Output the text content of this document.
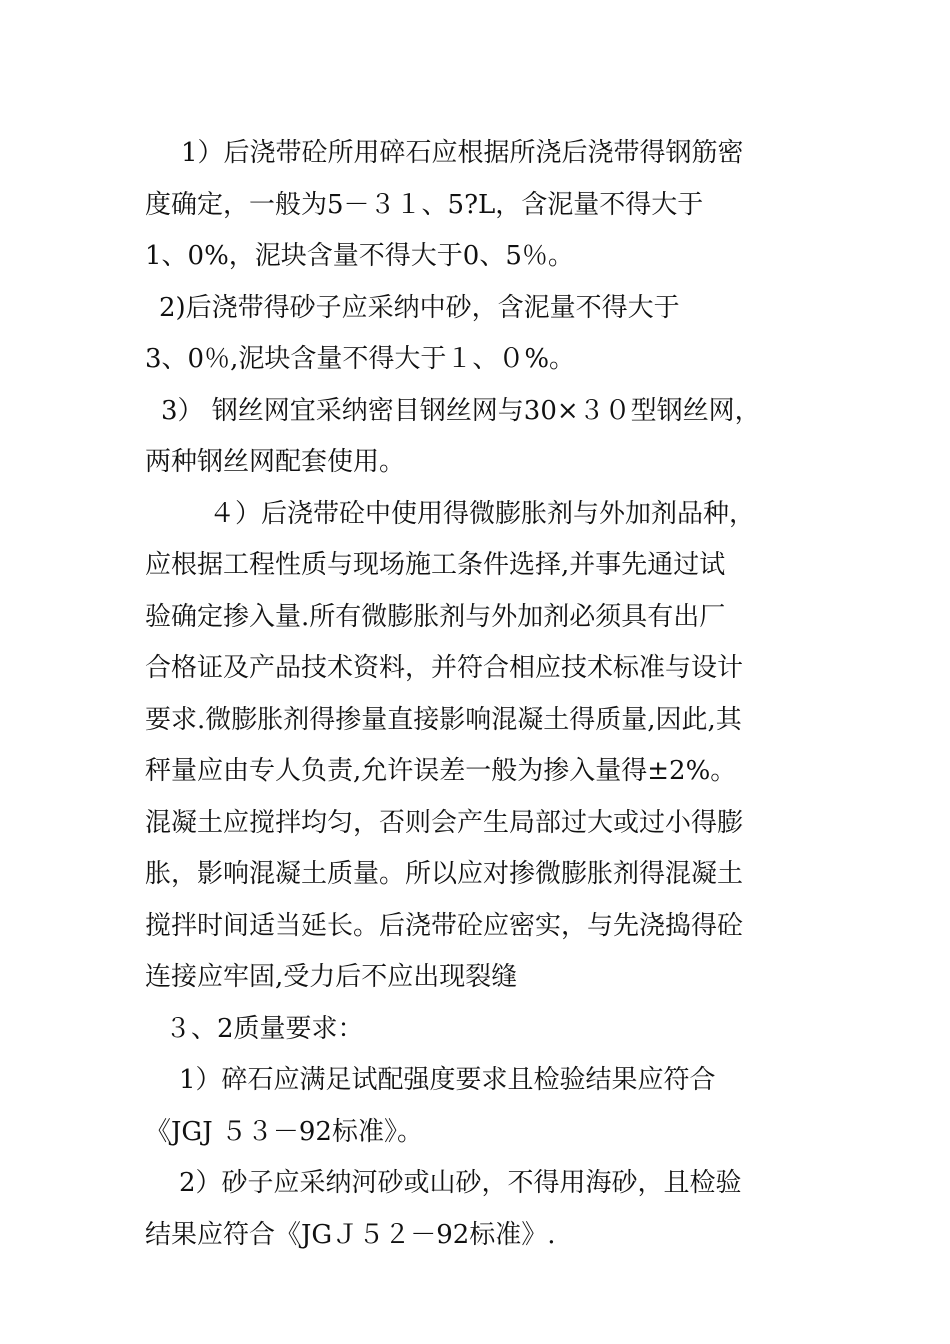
1）后浇带砼所用碎石应根据所浇后浇带得钢筋密
度确定，一般为5－３１、5?L，含泥量不得大于
1、0%，泥块含量不得大于0、5％。
2)后浇带得砂子应采纳中砂，含泥量不得大于
3、0％,泥块含量不得大于１、０%。
3） 钢丝网宜采纳密目钢丝网与30×３０型钢丝网，
两种钢丝网配套使用。
４）后浇带砼中使用得微膨胀剂与外加剂品种，
应根据工程性质与现场施工条件选择,并事先通过试
验确定掺入量.所有微膨胀剂与外加剂必须具有出厂
合格证及产品技术资料，并符合相应技术标准与设计
要求.微膨胀剂得掺量直接影响混凝土得质量,因此,其
秤量应由专人负责,允许误差一般为掺入量得±2%。
混凝土应搅拌均匀，否则会产生局部过大或过小得膨
胀，影响混凝土质量。所以应对掺微膨胀剂得混凝土
搅拌时间适当延长。后浇带砼应密实，与先浇捣得砼
连接应牢固,受力后不应出现裂缝
３、2质量要求：
1）碎石应满足试配强度要求且检验结果应符合
《JGJ ５３－92标准》。
2）砂子应采纳河砂或山砂，不得用海砂，且检验
结果应符合《JGＪ５２－92标准》.
